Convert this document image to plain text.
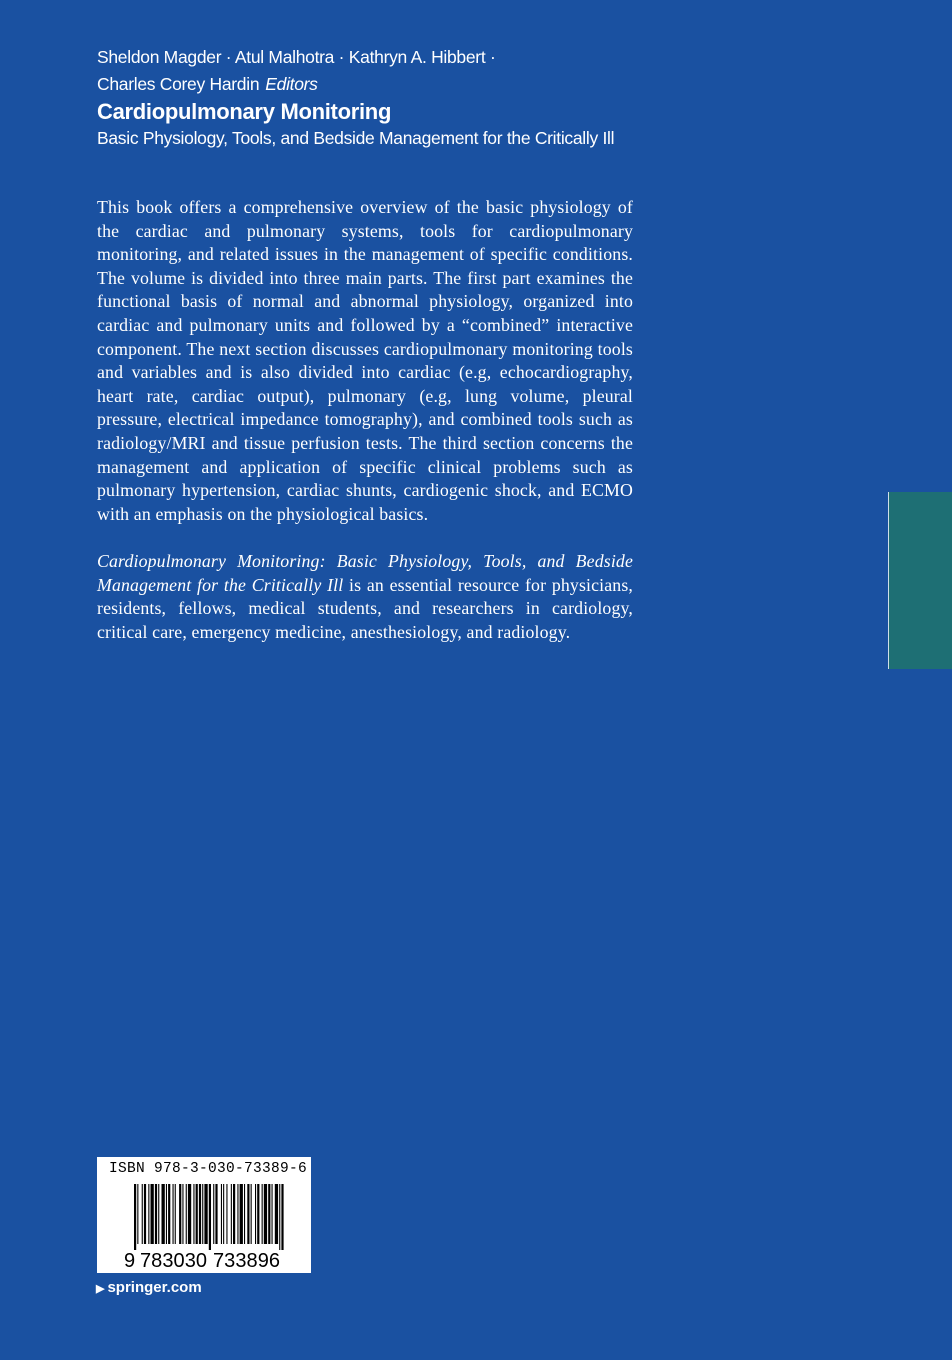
Sheldon Magder · Atul Malhotra · Kathryn A. Hibbert ·
Charles Corey Hardin Editors
Cardiopulmonary Monitoring
Basic Physiology, Tools, and Bedside Management for the Critically Ill

This book offers a comprehensive overview of the basic physiology of the cardiac and pulmonary systems, tools for cardiopulmonary monitoring, and related issues in the management of specific conditions. The volume is divided into three main parts. The first part examines the functional basis of normal and abnormal physiology, organized into cardiac and pulmonary units and followed by a “combined” interactive component. The next section discusses cardiopulmonary monitoring tools and variables and is also divided into cardiac (e.g, echocardiography, heart rate, cardiac output), pulmonary (e.g, lung volume, pleural pressure, electrical impedance tomography), and combined tools such as radiology/MRI and tissue perfusion tests. The third section concerns the management and application of specific clinical problems such as pulmonary hypertension, cardiac shunts, cardiogenic shock, and ECMO with an emphasis on the physiological basics.

Cardiopulmonary Monitoring: Basic Physiology, Tools, and Bedside Management for the Critically Ill is an essential resource for physicians, residents, fellows, medical students, and researchers in cardiology, critical care, emergency medicine, anesthesiology, and radiology.

ISBN 978-3-030-73389-6
9 783030 733896
▶ springer.com
